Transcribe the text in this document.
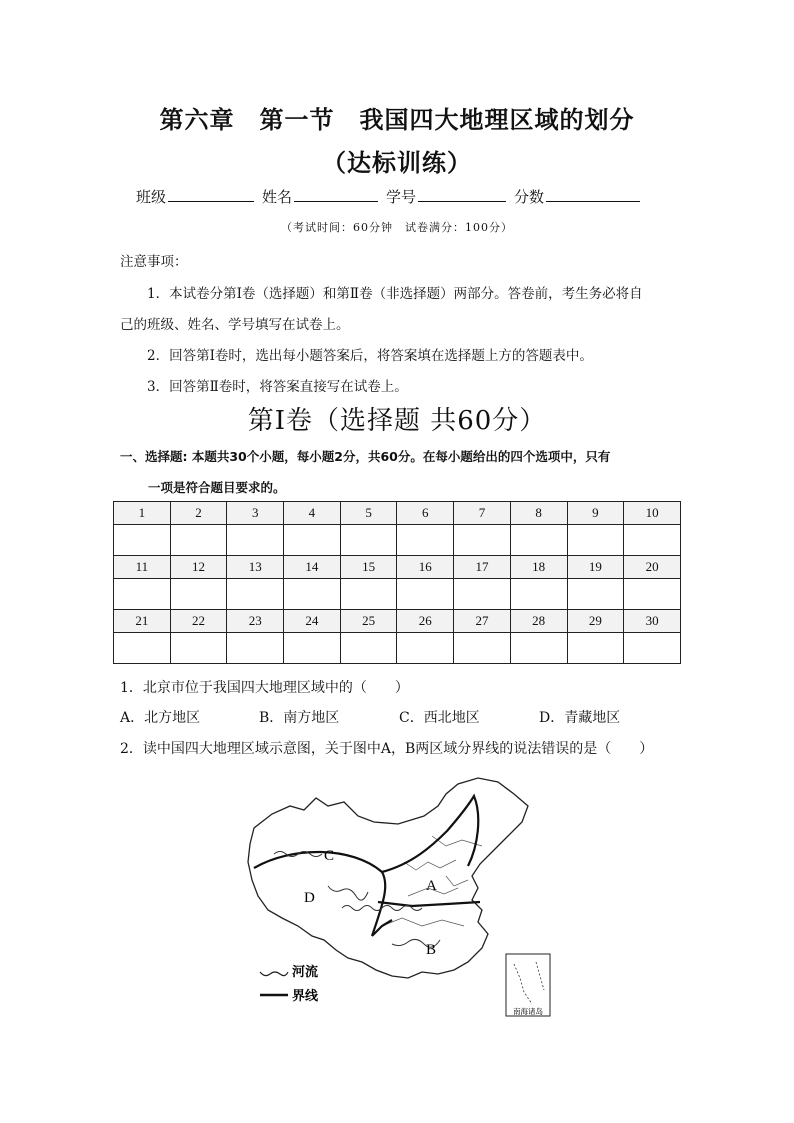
第六章　第一节　我国四大地理区域的划分
（达标训练）
班级	姓名	学号	分数
（考试时间：60分钟　试卷满分：100分）
注意事项：
1．本试卷分第Ⅰ卷（选择题）和第Ⅱ卷（非选择题）两部分。答卷前，考生务必将自
己的班级、姓名、学号填写在试卷上。
2．回答第Ⅰ卷时，选出每小题答案后，将答案填在选择题上方的答题表中。
3．回答第Ⅱ卷时，将答案直接写在试卷上。
第Ⅰ卷（选择题 共60分）
一、选择题: 本题共30个小题，每小题2分，共60分。在每小题给出的四个选项中，只有
一项是符合题目要求的。
1	2	3	4	5	6	7	8	9	10

11	12	13	14	15	16	17	18	19	20

21	22	23	24	25	26	27	28	29	30

1．北京市位于我国四大地理区域中的（　　）
A．北方地区	B．南方地区	C．西北地区	D．青藏地区
2．读中国四大地理区域示意图，关于图中A，B两区域分界线的说法错误的是（　　）
C
D
A
B
河流
界线
南海诸岛
